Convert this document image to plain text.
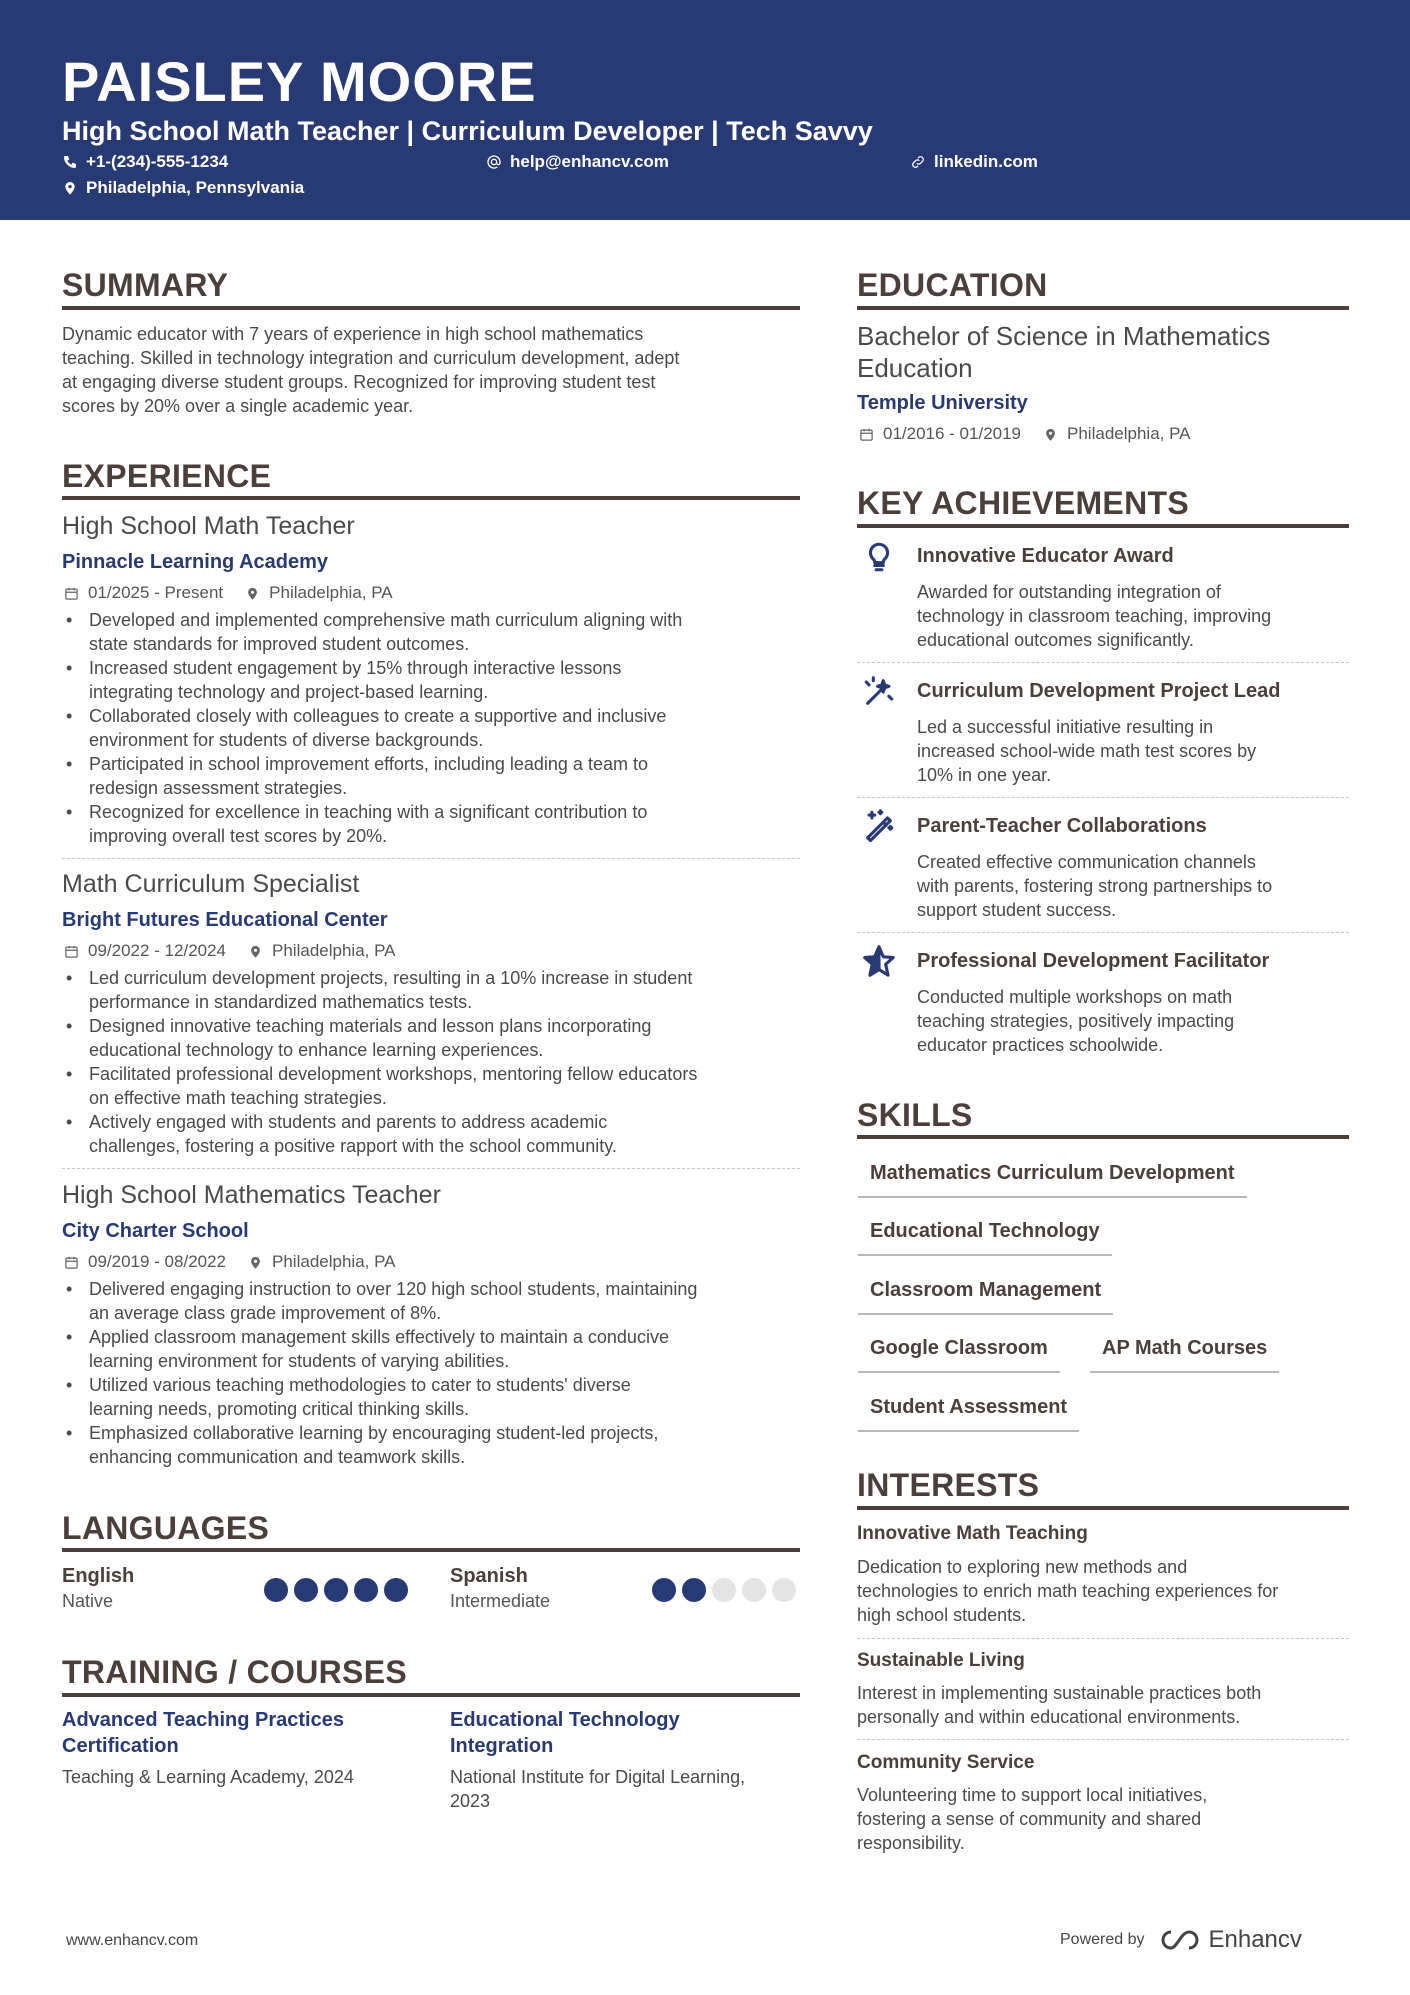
PAISLEY MOORE
High School Math Teacher | Curriculum Developer | Tech Savvy
+1-(234)-555-1234	help@enhancv.com	linkedin.com
Philadelphia, Pennsylvania
SUMMARY
Dynamic educator with 7 years of experience in high school mathematics
teaching. Skilled in technology integration and curriculum development, adept
at engaging diverse student groups. Recognized for improving student test
scores by 20% over a single academic year.
EXPERIENCE
High School Math Teacher
Pinnacle Learning Academy
01/2025 - Present	Philadelphia, PA
• Developed and implemented comprehensive math curriculum aligning with
state standards for improved student outcomes.
• Increased student engagement by 15% through interactive lessons
integrating technology and project-based learning.
• Collaborated closely with colleagues to create a supportive and inclusive
environment for students of diverse backgrounds.
• Participated in school improvement efforts, including leading a team to
redesign assessment strategies.
• Recognized for excellence in teaching with a significant contribution to
improving overall test scores by 20%.
Math Curriculum Specialist
Bright Futures Educational Center
09/2022 - 12/2024	Philadelphia, PA
• Led curriculum development projects, resulting in a 10% increase in student
performance in standardized mathematics tests.
• Designed innovative teaching materials and lesson plans incorporating
educational technology to enhance learning experiences.
• Facilitated professional development workshops, mentoring fellow educators
on effective math teaching strategies.
• Actively engaged with students and parents to address academic
challenges, fostering a positive rapport with the school community.
High School Mathematics Teacher
City Charter School
09/2019 - 08/2022	Philadelphia, PA
• Delivered engaging instruction to over 120 high school students, maintaining
an average class grade improvement of 8%.
• Applied classroom management skills effectively to maintain a conducive
learning environment for students of varying abilities.
• Utilized various teaching methodologies to cater to students' diverse
learning needs, promoting critical thinking skills.
• Emphasized collaborative learning by encouraging student-led projects,
enhancing communication and teamwork skills.
LANGUAGES
English
Native
Spanish
Intermediate
TRAINING / COURSES
Advanced Teaching Practices
Certification
Teaching & Learning Academy, 2024
Educational Technology
Integration
National Institute for Digital Learning,
2023
EDUCATION
Bachelor of Science in Mathematics
Education
Temple University
01/2016 - 01/2019	Philadelphia, PA
KEY ACHIEVEMENTS
Innovative Educator Award
Awarded for outstanding integration of
technology in classroom teaching, improving
educational outcomes significantly.
Curriculum Development Project Lead
Led a successful initiative resulting in
increased school-wide math test scores by
10% in one year.
Parent-Teacher Collaborations
Created effective communication channels
with parents, fostering strong partnerships to
support student success.
Professional Development Facilitator
Conducted multiple workshops on math
teaching strategies, positively impacting
educator practices schoolwide.
SKILLS
Mathematics Curriculum Development
Educational Technology
Classroom Management
Google Classroom	AP Math Courses
Student Assessment
INTERESTS
Innovative Math Teaching
Dedication to exploring new methods and
technologies to enrich math teaching experiences for
high school students.
Sustainable Living
Interest in implementing sustainable practices both
personally and within educational environments.
Community Service
Volunteering time to support local initiatives,
fostering a sense of community and shared
responsibility.
www.enhancv.com	Powered by	Enhancv
